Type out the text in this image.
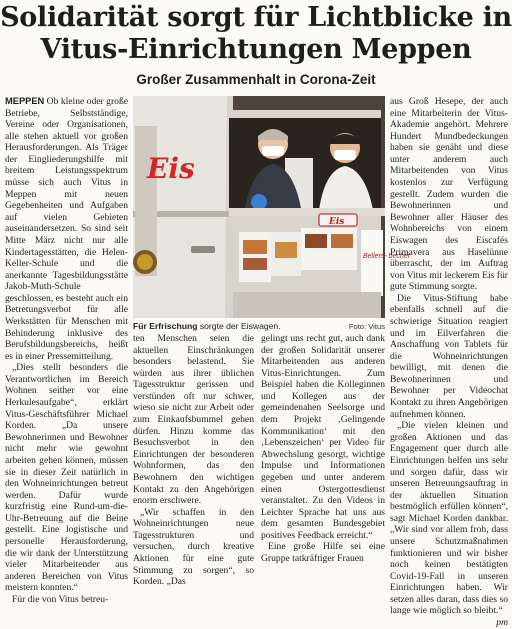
Solidarität sorgt für Lichtblicke in
Vitus-Einrichtungen Meppen
Großer Zusammenhalt in Corona-Zeit

MEPPEN Ob kleine oder große Betriebe, Selbstständige, Vereine oder Organisationen, alle stehen aktuell vor großen Herausforderungen. Als Träger der Eingliederungshilfe mit breitem Leistungsspektrum müsse sich auch Vitus in Meppen mit neuen Gegebenheiten und Aufgaben auf vielen Gebieten auseinandersetzen. So sind seit Mitte März nicht nur alle Kindertagesstätten, die Helen-Keller-Schule und die anerkannte Tagesbildungsstätte Jakob-Muth-Schule geschlossen, es besteht auch ein Betretungsverbot für alle Werkstätten für Menschen mit Behinderung inklusive des Berufsbildungsbereichs, heißt es in einer Pressemitteilung.

„Dies stellt besonders die Verantwortlichen im Bereich Wohnen seither vor eine Herkulesaufgabe“, erklärt Vitus-Geschäftsführer Michael Korden. „Da unsere Bewohnerinnen und Bewohner nicht mehr wie gewohnt arbeiten gehen können, müssen sie in dieser Zeit natürlich in den Wohneinrichtungen betreut werden. Dafür wurde kurzfristig eine Rund-um-die-Uhr-Betreuung auf die Beine gestellt. Eine logistische und personelle Herausforderung, die wir dank der Unterstützung vieler Mitarbeitender aus anderen Bereichen von Vitus meistern konnten.“

Für die von Vitus betreu-

Eis
Eis
Bellers- becher
Für Erfrischung sorgte der Eiswagen.	Foto: Vitus

ten Menschen seien die aktuellen Einschränkungen besonders belastend. Sie würden aus ihrer üblichen Tagesstruktur gerissen und verstünden oft nur schwer, wieso sie nicht zur Arbeit oder zum Einkaufsbummel gehen dürfen. Hinzu komme das Besuchsverbot in den Einrichtungen der besonderen Wohnformen, das den Bewohnern den wichtigen Kontakt zu den Angehörigen enorm erschwere.

„Wir schaffen in den Wohneinrichtungen neue Tagesstrukturen und versuchen, durch kreative Aktionen für eine gute Stimmung zu sorgen“, so Korden. „Das

gelingt uns recht gut, auch dank der großen Solidarität unserer Mitarbeitenden aus anderen Vitus-Einrichtungen. Zum Beispiel haben die Kolleginnen und Kollegen aus der gemeindenahen Seelsorge und dem Projekt ‚Gelingende Kommunikation‘ mit den ‚Lebenszeichen‘ per Video für Abwechslung gesorgt, wichtige Impulse und Informationen gegeben und unter anderem einen Ostergottesdienst veranstaltet. Zu den Videos in Leichter Sprache hat uns aus dem gesamten Bundesgebiet positives Feedback erreicht.“

Eine große Hilfe sei eine Gruppe tatkräftiger Frauen

aus Groß Hesepe, der auch eine Mitarbeiterin der Vitus-Akademie angehört. Mehrere Hundert Mundbedeckungen haben sie genäht und diese unter anderem auch Mitarbeitenden von Vitus kostenlos zur Verfügung gestellt. Zudem wurden die Bewohnerinnen und Bewohner aller Häuser des Wohnbereichs von einem Eiswagen des Eiscafés Primavera aus Haselünne überrascht, der im Auftrag von Vitus mit leckerem Eis für gute Stimmung sorgte.

Die Vitus-Stiftung habe ebenfalls schnell auf die schwierige Situation reagiert und im Eilverfahren die Anschaffung von Tablets für die Wohneinrichtungen bewilligt, mit denen die Bewohnerinnen und Bewohner per Videochat Kontakt zu ihren Angehörigen aufnehmen können.

„Die vielen kleinen und großen Aktionen und das Engagement quer durch alle Einrichtungen helfen uns sehr und sorgen dafür, dass wir unseren Betreuungsauftrag in der aktuellen Situation bestmöglich erfüllen können“, sagt Michael Korden dankbar. „Wir sind vor allem froh, dass unsere Schutzmaßnahmen funktionieren und wir bisher noch keinen bestätigten Covid-19-Fall in unseren Einrichtungen haben. Wir setzen alles daran, dass dies so lange wie möglich so bleibt.“
pm
